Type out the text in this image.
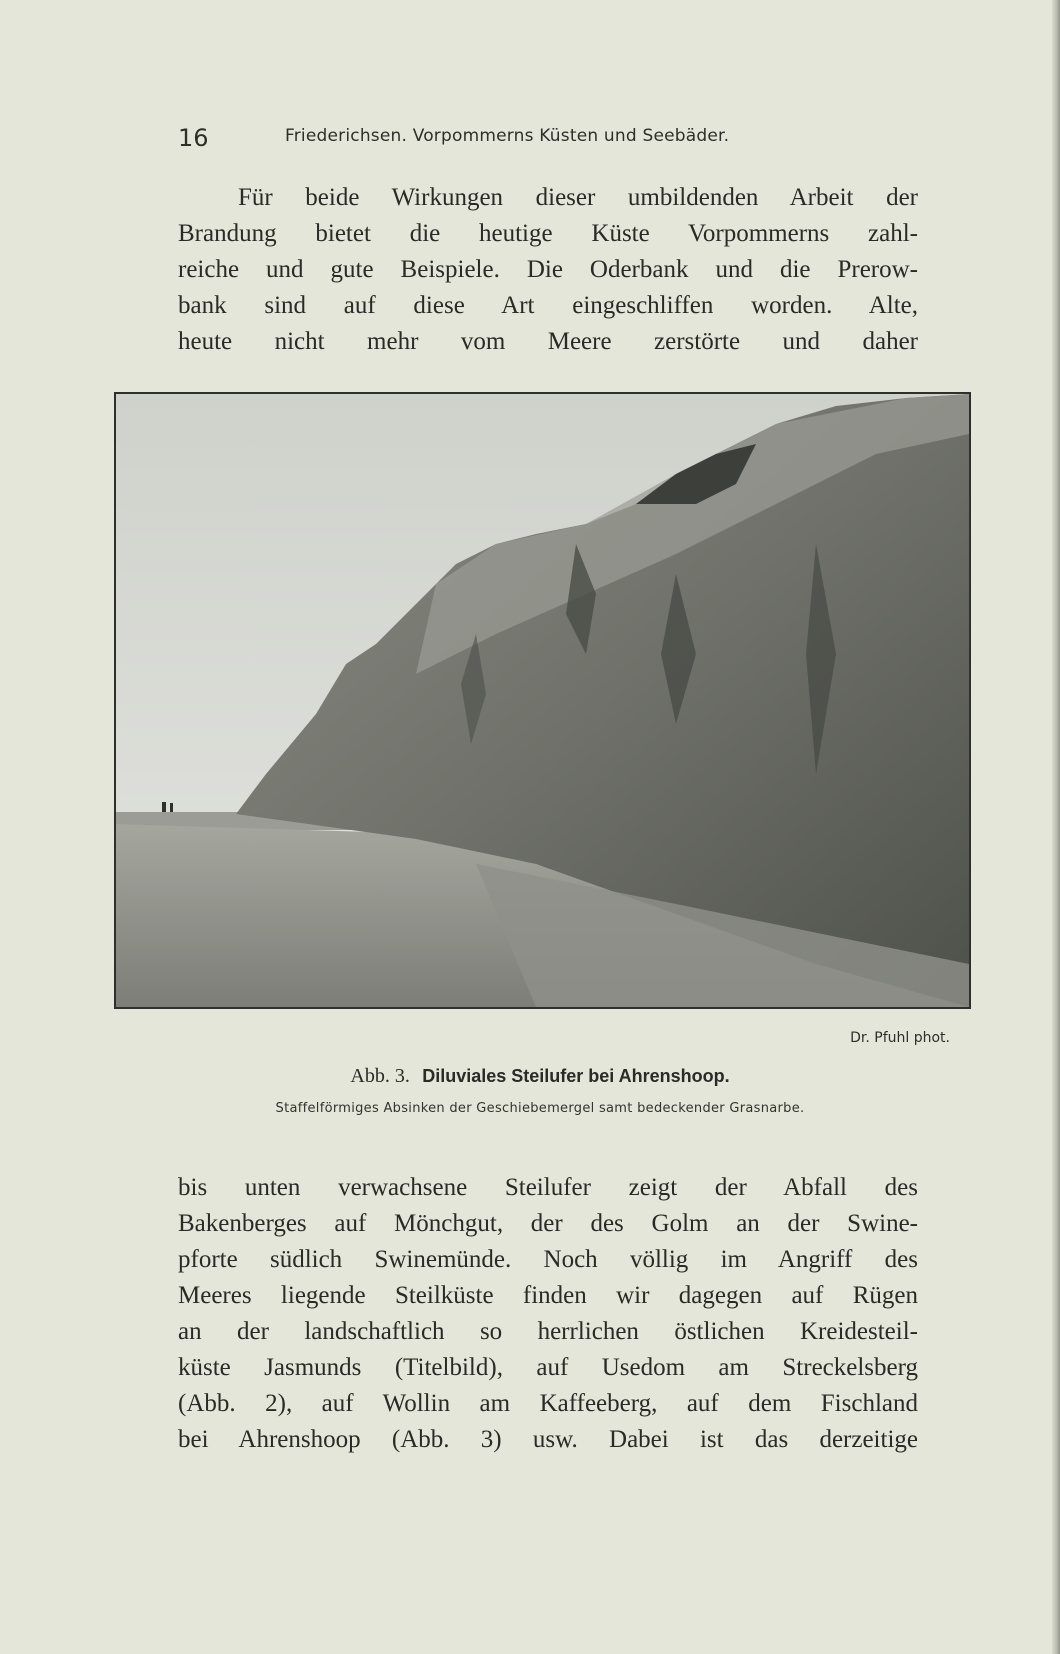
16	Friederichsen. Vorpommerns Küsten und Seebäder.
Für beide Wirkungen dieser umbildenden Arbeit der
Brandung bietet die heutige Küste Vorpommerns zahl-
reiche und gute Beispiele. Die Oderbank und die Prerow-
bank sind auf diese Art eingeschliffen worden. Alte,
heute nicht mehr vom Meere zerstörte und daher
Dr. Pfuhl phot.
Abb. 3. Diluviales Steilufer bei Ahrenshoop.
Staffelförmiges Absinken der Geschiebemergel samt bedeckender Grasnarbe.
bis unten verwachsene Steilufer zeigt der Abfall des
Bakenberges auf Mönchgut, der des Golm an der Swine-
pforte südlich Swinemünde. Noch völlig im Angriff des
Meeres liegende Steilküste finden wir dagegen auf Rügen
an der landschaftlich so herrlichen östlichen Kreidesteil-
küste Jasmunds (Titelbild), auf Usedom am Streckelsberg
(Abb. 2), auf Wollin am Kaffeeberg, auf dem Fischland
bei Ahrenshoop (Abb. 3) usw. Dabei ist das derzeitige
